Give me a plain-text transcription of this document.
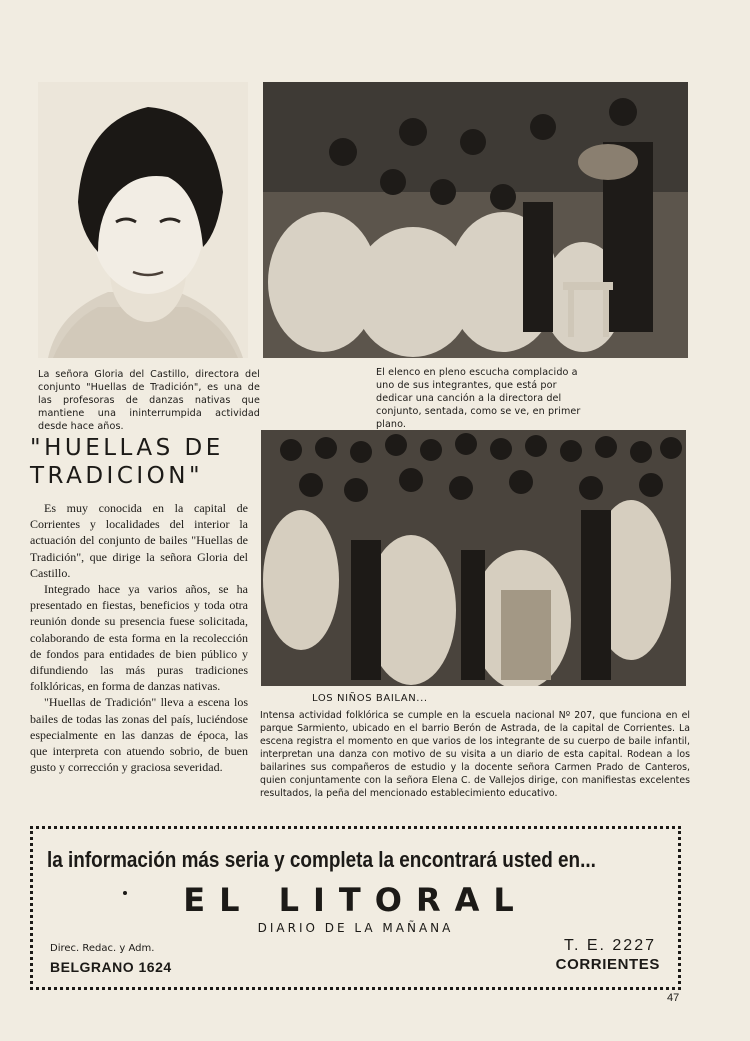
La señora Gloria del Castillo, directora del conjunto "Huellas de Tradición", es una de las profesoras de danzas nativas que mantiene una ininterrumpida actividad desde hace años.
El elenco en pleno escucha complacido a uno de sus integrantes, que está por dedicar una canción a la directora del conjunto, sentada, como se ve, en primer plano.
"HUELLAS DE TRADICION"

Es muy conocida en la capital de Corrientes y localidades del interior la actuación del conjunto de bailes "Huellas de Tradición", que dirige la señora Gloria del Castillo.

Integrado hace ya varios años, se ha presentado en fiestas, beneficios y toda otra reunión donde su presencia fuese solicitada, colaborando de esta forma en la recolección de fondos para entidades de bien público y difundiendo las más puras tradiciones folklóricas, en forma de danzas nativas.

"Huellas de Tradición" lleva a escena los bailes de todas las zonas del país, luciéndose especialmente en las danzas de época, las que interpreta con atuendo sobrio, de buen gusto y corrección y graciosa severidad.

LOS NIÑOS BAILAN...
Intensa actividad folklórica se cumple en la escuela nacional Nº 207, que funciona en el parque Sarmiento, ubicado en el barrio Berón de Astrada, de la capital de Corrientes. La escena registra el momento en que varios de los integrante de su cuerpo de baile infantil, interpretan una danza con motivo de su visita a un diario de esta capital. Rodean a los bailarines sus compañeros de estudio y la docente señora Carmen Prado de Canteros, quien conjuntamente con la señora Elena C. de Vallejos dirige, con manifiestas excelentes resultados, la peña del mencionado establecimiento educativo.
la información más seria y completa la encontrará usted en...
EL LITORAL
DIARIO DE LA MAÑANA
Direc. Redac. y Adm.
BELGRANO 1624
T. E. 2227
CORRIENTES
47
